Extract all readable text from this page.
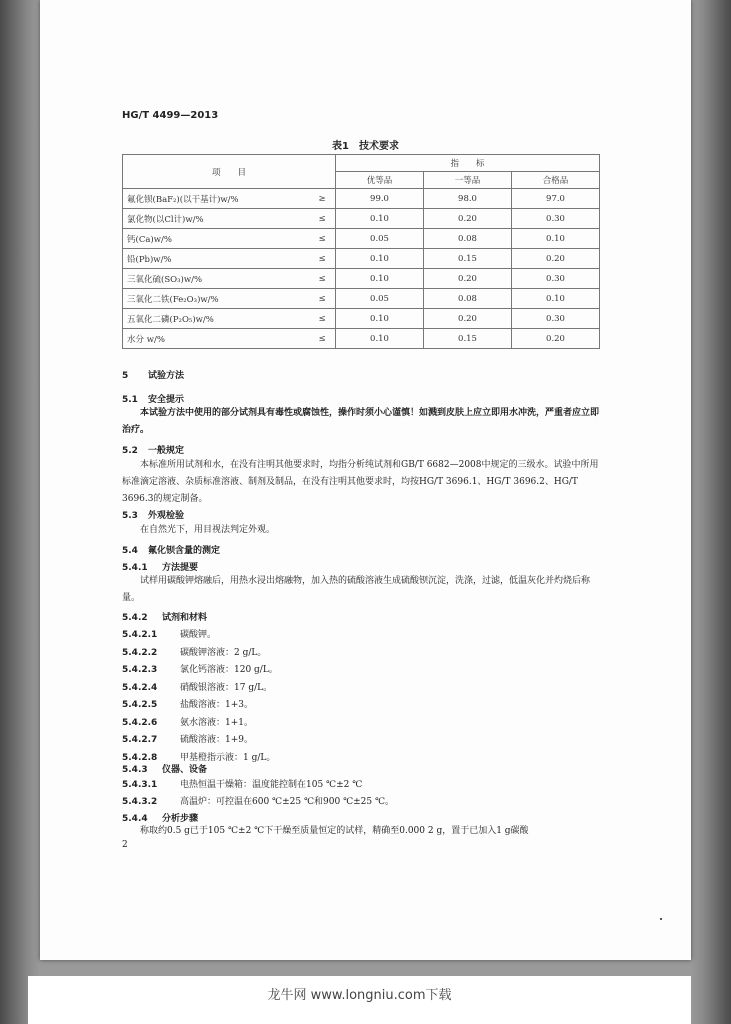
HG/T 4499—2013
表1　技术要求
项　　目		指　　标		
		优等品	一等品	合格品
氟化钡(BaF₂)(以干基计)w/%	≥	99.0	98.0	97.0
氯化物(以Cl计)w/%	≤	0.10	0.20	0.30
钙(Ca)w/%	≤	0.05	0.08	0.10
铅(Pb)w/%	≤	0.10	0.15	0.20
三氧化硫(SO₃)w/%	≤	0.10	0.20	0.30
三氧化二铁(Fe₂O₃)w/%	≤	0.05	0.08	0.10
五氧化二磷(P₂O₅)w/%	≤	0.10	0.20	0.30
水分 w/%	≤	0.10	0.15	0.20
5 试验方法
5.1 安全提示
本试验方法中使用的部分试剂具有毒性或腐蚀性，操作时须小心谨慎！如溅到皮肤上应立即用水冲洗，严重者应立即治疗。
5.2 一般规定
本标准所用试剂和水，在没有注明其他要求时，均指分析纯试剂和GB/T 6682—2008中规定的三级水。试验中所用标准滴定溶液、杂质标准溶液、制剂及制品，在没有注明其他要求时，均按HG/T 3696.1、HG/T 3696.2、HG/T 3696.3的规定制备。
5.3 外观检验
在自然光下，用目视法判定外观。
5.4 氟化钡含量的测定
5.4.1 方法提要
试样用碳酸钾熔融后，用热水浸出熔融物，加入热的硫酸溶液生成硫酸钡沉淀，洗涤，过滤，低温灰化并灼烧后称量。
5.4.2 试剂和材料
5.4.2.1	碳酸钾。
5.4.2.2	碳酸钾溶液：2 g/L。
5.4.2.3	氯化钙溶液：120 g/L。
5.4.2.4	硝酸银溶液：17 g/L。
5.4.2.5	盐酸溶液：1+3。
5.4.2.6	氨水溶液：1+1。
5.4.2.7	硫酸溶液：1+9。
5.4.2.8	甲基橙指示液：1 g/L。
5.4.3 仪器、设备
5.4.3.1	电热恒温干燥箱：温度能控制在105 ℃±2 ℃
5.4.3.2	高温炉：可控温在600 ℃±25 ℃和900 ℃±25 ℃。
5.4.4 分析步骤
称取约0.5 g已于105 ℃±2 ℃下干燥至质量恒定的试样，精确至0.000 2 g，置于已加入1 g碳酸
2
龙牛网 www.longniu.com下载
